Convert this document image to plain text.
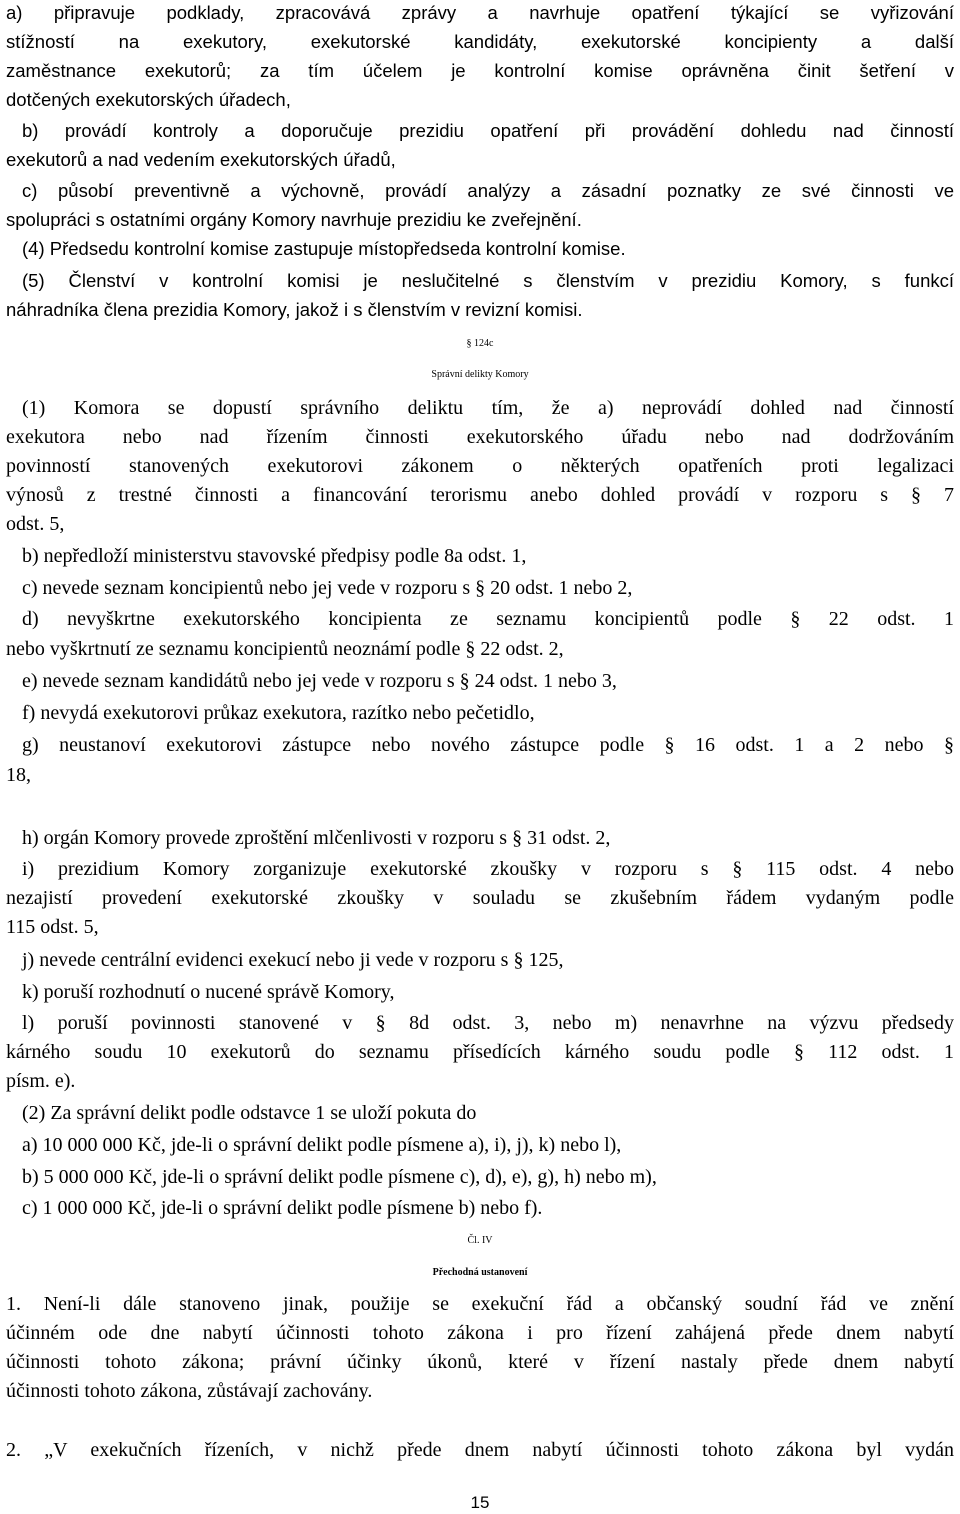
a) připravuje podklady, zpracovává zprávy a navrhuje opatření týkající se vyřizování
stížností na exekutory, exekutorské kandidáty, exekutorské koncipienty a další
zaměstnance exekutorů; za tím účelem je kontrolní komise oprávněna činit šetření v
dotčených exekutorských úřadech,
b) provádí kontroly a doporučuje prezidiu opatření při provádění dohledu nad činností
exekutorů a nad vedením exekutorských úřadů,
c) působí preventivně a výchovně, provádí analýzy a zásadní poznatky ze své činnosti ve
spolupráci s ostatními orgány Komory navrhuje prezidiu ke zveřejnění.
(4) Předsedu kontrolní komise zastupuje místopředseda kontrolní komise.
(5) Členství v kontrolní komisi je neslučitelné s členstvím v prezidiu Komory, s funkcí
náhradníka člena prezidia Komory, jakož i s členstvím v revizní komisi.
§ 124c
Správní delikty Komory
(1) Komora se dopustí správního deliktu tím, že a) neprovádí dohled nad činností
exekutora nebo nad řízením činnosti exekutorského úřadu nebo nad dodržováním
povinností stanovených exekutorovi zákonem o některých opatřeních proti legalizaci
výnosů z trestné činnosti a financování terorismu anebo dohled provádí v rozporu s § 7
odst. 5,
b) nepředloží ministerstvu stavovské předpisy podle 8a odst. 1,
c) nevede seznam koncipientů nebo jej vede v rozporu s § 20 odst. 1 nebo 2,
d) nevyškrtne exekutorského koncipienta ze seznamu koncipientů podle § 22 odst. 1
nebo vyškrtnutí ze seznamu koncipientů neoznámí podle § 22 odst. 2,
e) nevede seznam kandidátů nebo jej vede v rozporu s § 24 odst. 1 nebo 3,
f) nevydá exekutorovi průkaz exekutora, razítko nebo pečetidlo,
g) neustanoví exekutorovi zástupce nebo nového zástupce podle § 16 odst. 1 a 2 nebo §
18,
h) orgán Komory provede zproštění mlčenlivosti v rozporu s § 31 odst. 2,
i) prezidium Komory zorganizuje exekutorské zkoušky v rozporu s § 115 odst. 4 nebo
nezajistí provedení exekutorské zkoušky v souladu se zkušebním řádem vydaným podle
115 odst. 5,
j) nevede centrální evidenci exekucí nebo ji vede v rozporu s § 125,
k) poruší rozhodnutí o nucené správě Komory,
l) poruší povinnosti stanovené v § 8d odst. 3, nebo m) nenavrhne na výzvu předsedy
kárného soudu 10 exekutorů do seznamu přísedících kárného soudu podle § 112 odst. 1
písm. e).
(2) Za správní delikt podle odstavce 1 se uloží pokuta do
a) 10 000 000 Kč, jde-li o správní delikt podle písmene a), i), j), k) nebo l),
b) 5 000 000 Kč, jde-li o správní delikt podle písmene c), d), e), g), h) nebo m),
c) 1 000 000 Kč, jde-li o správní delikt podle písmene b) nebo f).
Čl. IV
Přechodná ustanovení
1. Není-li dále stanoveno jinak, použije se exekuční řád a občanský soudní řád ve znění
účinném ode dne nabytí účinnosti tohoto zákona i pro řízení zahájená přede dnem nabytí
účinnosti tohoto zákona; právní účinky úkonů, které v řízení nastaly přede dnem nabytí
účinnosti tohoto zákona, zůstávají zachovány.
2. „V exekučních řízeních, v nichž přede dnem nabytí účinnosti tohoto zákona byl vydán
15
